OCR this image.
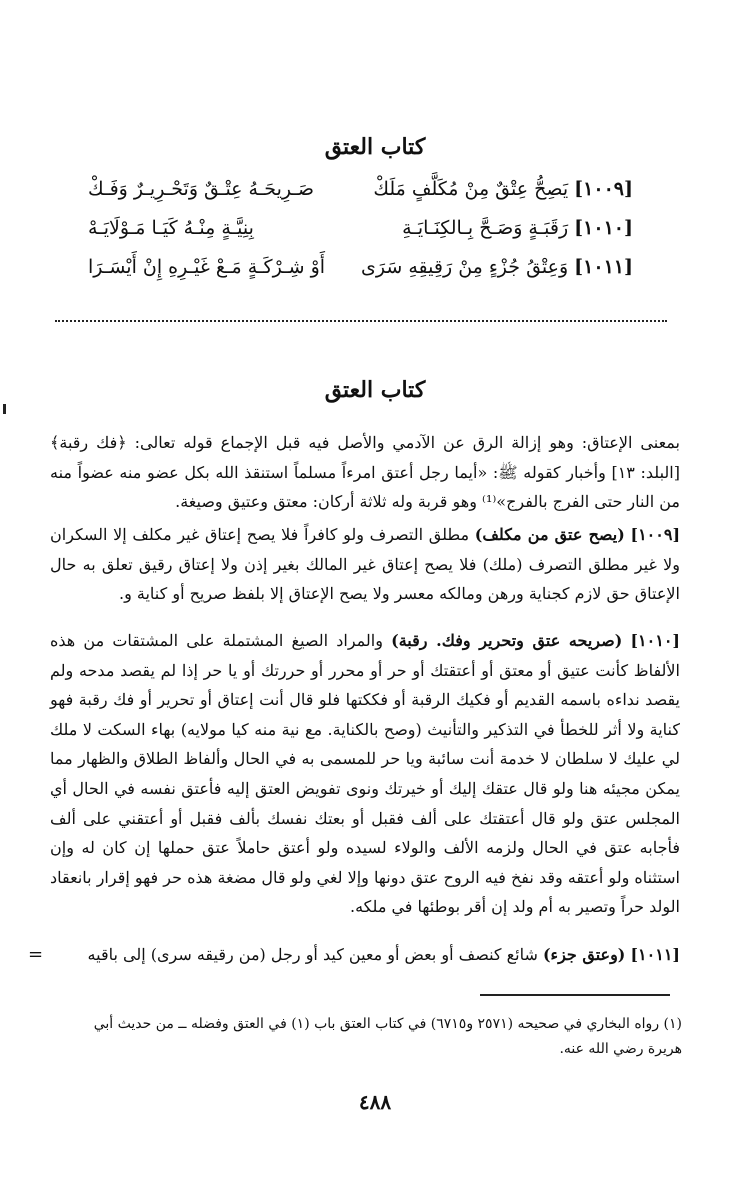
كتاب العتق
[١٠٠٩]يَصِحُّ عِتْقٌ مِنْ مُكَلَّفٍ مَلَكْ
صَـرِيحَـهُ عِتْـقٌ وَتَحْـرِيـرٌ وَفَـكْ
[١٠١٠]رَقَبَـةٍ وَصَـحَّ بِـالكِنَـايَـةِ
بِنِيَّـةٍ مِنْـهُ كَيَـا مَـوْلَايَـهْ
[١٠١١]وَعِتْقُ جُزْءٍ مِنْ رَقِيقِهِ سَرَى
أَوْ شِـرْكَـةٍ مَـعْ غَيْـرِهِ إِنْ أَيْسَـرَا
كتاب العتق

بمعنى الإعتاق: وهو إزالة الرق عن الآدمي والأصل فيه قبل الإجماع قوله تعالى: ﴿فك رقبة﴾ [البلد: ١٣] وأخبار كقوله ﷺ: «أيما رجل أعتق امرءاً مسلماً استنقذ الله بكل عضو منه عضواً منه من النار حتى الفرج بالفرج»⁽¹⁾ وهو قربة وله ثلاثة أركان: معتق وعتيق وصيغة.

[١٠٠٩] (يصح عتق من مكلف) مطلق التصرف ولو كافراً فلا يصح إعتاق غير مكلف إلا السكران ولا غير مطلق التصرف (ملك) فلا يصح إعتاق غير المالك بغير إذن ولا إعتاق رقيق تعلق به حال الإعتاق حق لازم كجناية ورهن ومالكه معسر ولا يصح الإعتاق إلا بلفظ صريح أو كناية و.

[١٠١٠] (صريحه عتق وتحرير وفك. رقبة) والمراد الصيغ المشتملة على المشتقات من هذه الألفاظ كأنت عتيق أو معتق أو أعتقتك أو حر أو محرر أو حررتك أو يا حر إذا لم يقصد مدحه ولم يقصد نداءه باسمه القديم أو فكيك الرقبة أو فككتها فلو قال أنت إعتاق أو تحرير أو فك رقبة فهو كناية ولا أثر للخطأ في التذكير والتأنيث (وصح بالكناية. مع نية منه كيا مولايه) بهاء السكت لا ملك لي عليك لا سلطان لا خدمة أنت سائبة ويا حر للمسمى به في الحال وألفاظ الطلاق والظهار مما يمكن مجيئه هنا ولو قال عتقك إليك أو خيرتك ونوى تفويض العتق إليه فأعتق نفسه في الحال أي المجلس عتق ولو قال أعتقتك على ألف فقبل أو بعتك نفسك بألف فقبل أو أعتقني على ألف فأجابه عتق في الحال ولزمه الألف والولاء لسيده ولو أعتق حاملاً عتق حملها إن كان له وإن استثناه ولو أعتقه وقد نفخ فيه الروح عتق دونها وإلا لغي ولو قال مضغة هذه حر فهو إقرار بانعقاد الولد حراً وتصير به أم ولد إن أقر بوطئها في ملكه.

[١٠١١] (وعتق جزء) شائع كنصف أو بعض أو معين كيد أو رجل (من رقيقه سرى) إلى باقيه

=

(١) رواه البخاري في صحيحه (٢٥٧١ و٦٧١٥) في كتاب العتق باب (١) في العتق وفضله ــ من حديث أبي هريرة رضي الله عنه.

٤٨٨
